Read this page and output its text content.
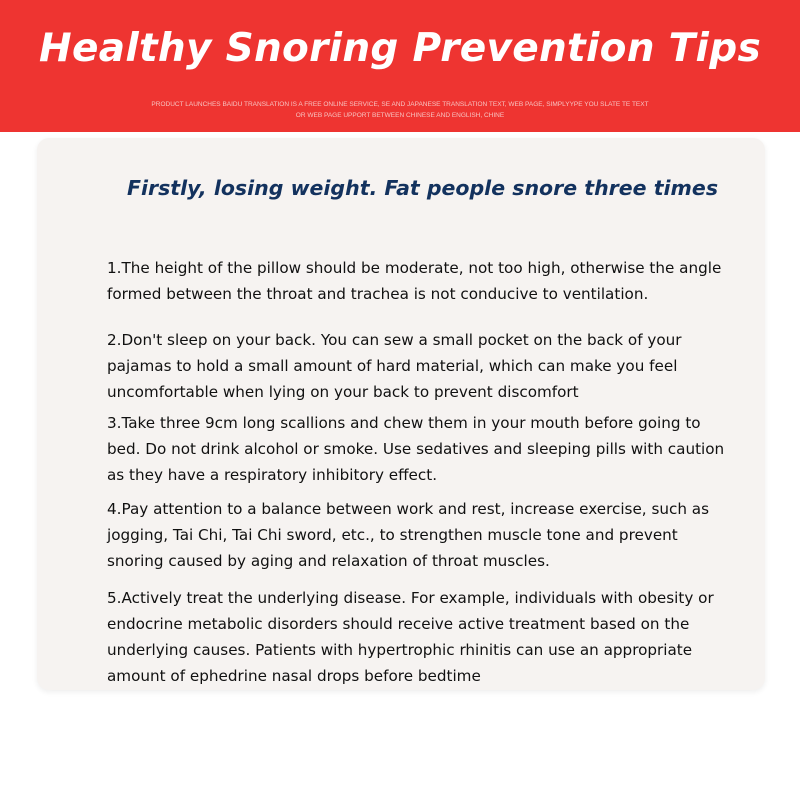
Healthy Snoring Prevention Tips

PRODUCT LAUNCHES BAIDU TRANSLATION IS A FREE ONLINE SERVICE, SE AND JAPANESE TRANSLATION TEXT, WEB PAGE, SIMPLYYPE YOU SLATE TE TEXT OR WEB PAGE UPPORT BETWEEN CHINESE AND ENGLISH, CHINE

Firstly, losing weight. Fat people snore three times

1.The height of the pillow should be moderate, not too high, otherwise the angle formed between the throat and trachea is not conducive to ventilation.

2.Don't sleep on your back. You can sew a small pocket on the back of your pajamas to hold a small amount of hard material, which can make you feel uncomfortable when lying on your back to prevent discomfort

3.Take three 9cm long scallions and chew them in your mouth before going to bed. Do not drink alcohol or smoke. Use sedatives and sleeping pills with caution as they have a respiratory inhibitory effect.

4.Pay attention to a balance between work and rest, increase exercise, such as jogging, Tai Chi, Tai Chi sword, etc., to strengthen muscle tone and prevent snoring caused by aging and relaxation of throat muscles.

5.Actively treat the underlying disease. For example, individuals with obesity or endocrine metabolic disorders should receive active treatment based on the underlying causes. Patients with hypertrophic rhinitis can use an appropriate amount of ephedrine nasal drops before bedtime
